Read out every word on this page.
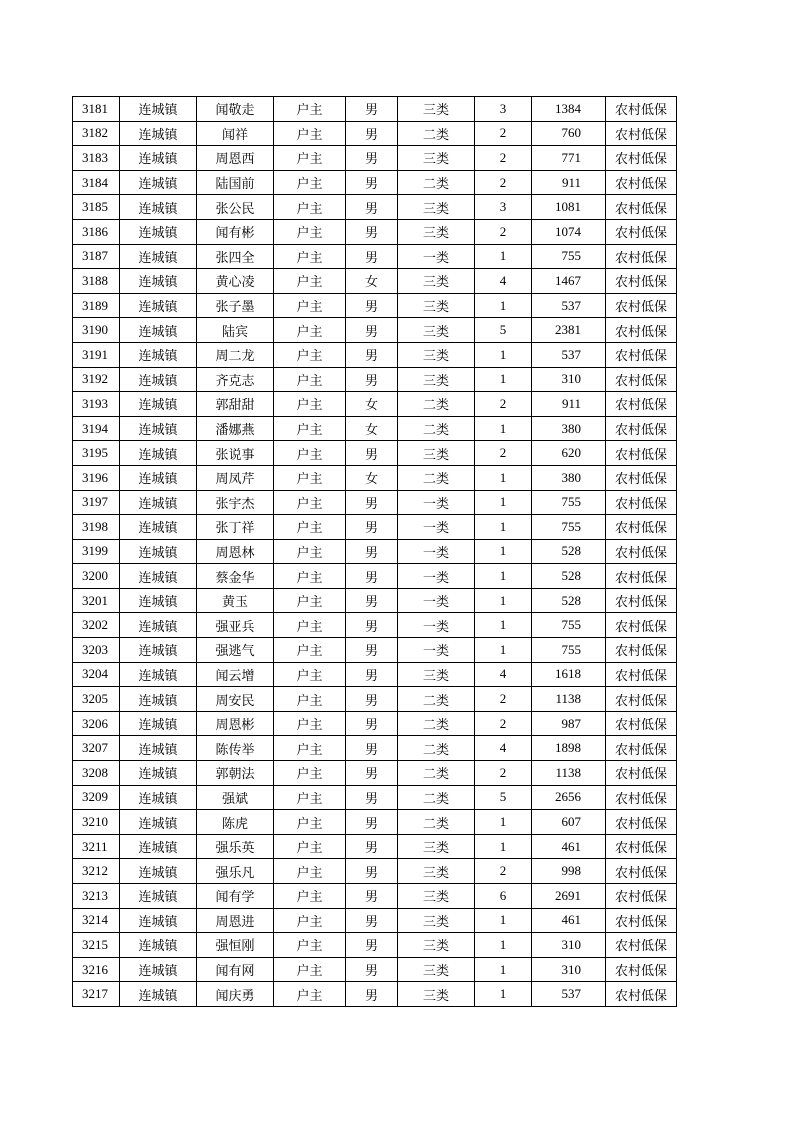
3181	连城镇	闻敬走	户主	男	三类	3	1384	农村低保
3182	连城镇	闻祥	户主	男	二类	2	760	农村低保
3183	连城镇	周恩西	户主	男	三类	2	771	农村低保
3184	连城镇	陆国前	户主	男	二类	2	911	农村低保
3185	连城镇	张公民	户主	男	三类	3	1081	农村低保
3186	连城镇	闻有彬	户主	男	三类	2	1074	农村低保
3187	连城镇	张四全	户主	男	一类	1	755	农村低保
3188	连城镇	黄心凌	户主	女	三类	4	1467	农村低保
3189	连城镇	张子墨	户主	男	三类	1	537	农村低保
3190	连城镇	陆宾	户主	男	三类	5	2381	农村低保
3191	连城镇	周二龙	户主	男	三类	1	537	农村低保
3192	连城镇	齐克志	户主	男	三类	1	310	农村低保
3193	连城镇	郭甜甜	户主	女	二类	2	911	农村低保
3194	连城镇	潘娜燕	户主	女	二类	1	380	农村低保
3195	连城镇	张说事	户主	男	三类	2	620	农村低保
3196	连城镇	周凤芹	户主	女	二类	1	380	农村低保
3197	连城镇	张宇杰	户主	男	一类	1	755	农村低保
3198	连城镇	张丁祥	户主	男	一类	1	755	农村低保
3199	连城镇	周恩林	户主	男	一类	1	528	农村低保
3200	连城镇	蔡金华	户主	男	一类	1	528	农村低保
3201	连城镇	黄玉	户主	男	一类	1	528	农村低保
3202	连城镇	强亚兵	户主	男	一类	1	755	农村低保
3203	连城镇	强逃气	户主	男	一类	1	755	农村低保
3204	连城镇	闻云增	户主	男	三类	4	1618	农村低保
3205	连城镇	周安民	户主	男	二类	2	1138	农村低保
3206	连城镇	周恩彬	户主	男	二类	2	987	农村低保
3207	连城镇	陈传举	户主	男	二类	4	1898	农村低保
3208	连城镇	郭朝法	户主	男	二类	2	1138	农村低保
3209	连城镇	强斌	户主	男	二类	5	2656	农村低保
3210	连城镇	陈虎	户主	男	二类	1	607	农村低保
3211	连城镇	强乐英	户主	男	三类	1	461	农村低保
3212	连城镇	强乐凡	户主	男	三类	2	998	农村低保
3213	连城镇	闻有学	户主	男	三类	6	2691	农村低保
3214	连城镇	周恩进	户主	男	三类	1	461	农村低保
3215	连城镇	强恒刚	户主	男	三类	1	310	农村低保
3216	连城镇	闻有网	户主	男	三类	1	310	农村低保
3217	连城镇	闻庆勇	户主	男	三类	1	537	农村低保
